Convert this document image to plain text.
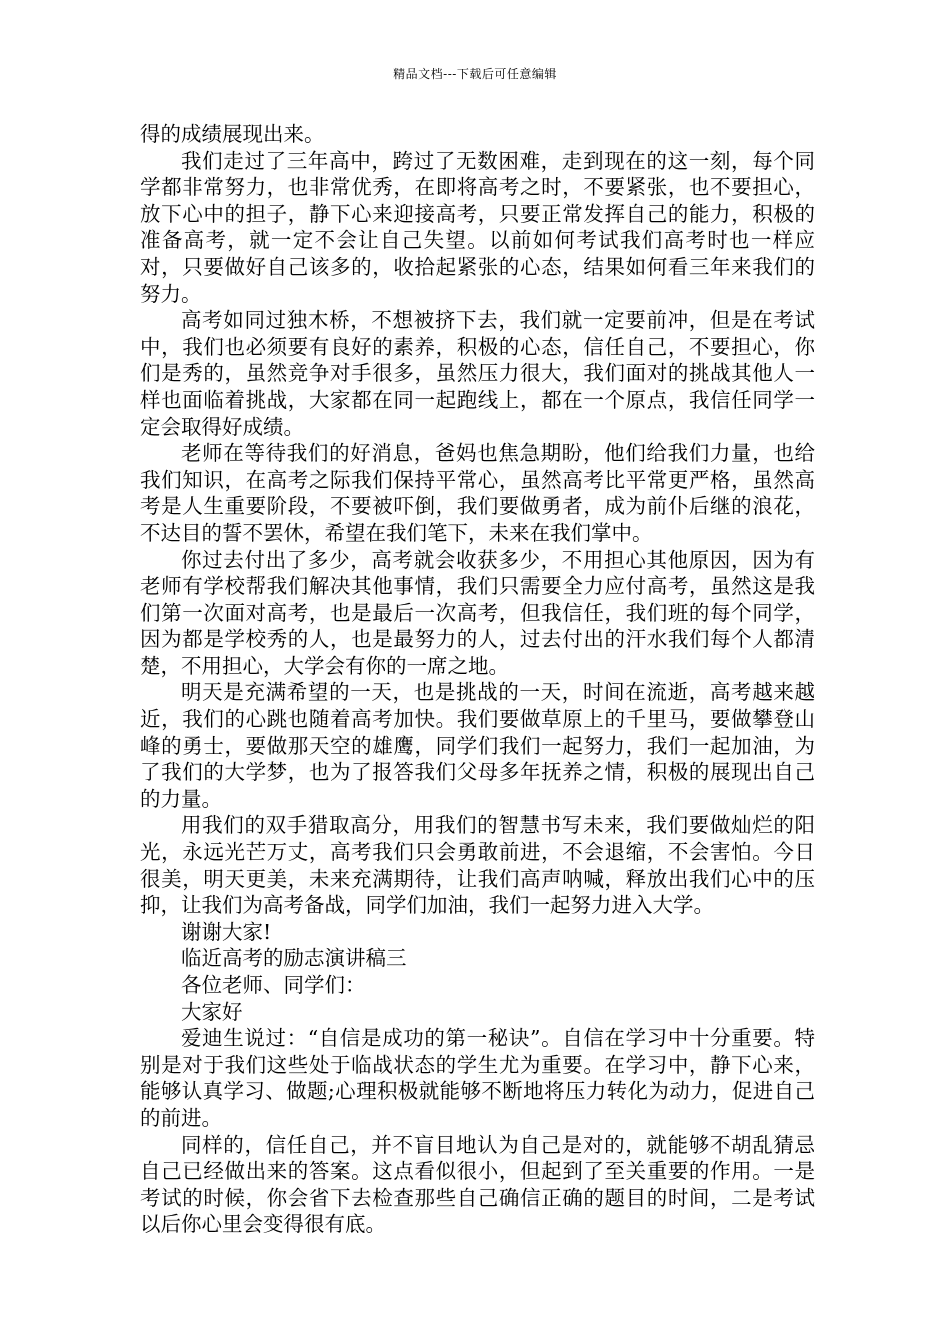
精品文档---下载后可任意编辑

得的成绩展现出来。

我们走过了三年高中，跨过了无数困难，走到现在的这一刻，每个同学都非常努力，也非常优秀，在即将高考之时，不要紧张，也不要担心，放下心中的担子，静下心来迎接高考，只要正常发挥自己的能力，积极的准备高考，就一定不会让自己失望。以前如何考试我们高考时也一样应对，只要做好自己该多的，收拾起紧张的心态，结果如何看三年来我们的努力。

高考如同过独木桥，不想被挤下去，我们就一定要前冲，但是在考试中，我们也必须要有良好的素养，积极的心态，信任自己，不要担心，你们是秀的，虽然竞争对手很多，虽然压力很大，我们面对的挑战其他人一样也面临着挑战，大家都在同一起跑线上，都在一个原点，我信任同学一定会取得好成绩。

老师在等待我们的好消息，爸妈也焦急期盼，他们给我们力量，也给我们知识，在高考之际我们保持平常心，虽然高考比平常更严格，虽然高考是人生重要阶段，不要被吓倒，我们要做勇者，成为前仆后继的浪花，不达目的誓不罢休，希望在我们笔下，未来在我们掌中。

你过去付出了多少，高考就会收获多少，不用担心其他原因，因为有老师有学校帮我们解决其他事情，我们只需要全力应付高考，虽然这是我们第一次面对高考，也是最后一次高考，但我信任，我们班的每个同学，因为都是学校秀的人，也是最努力的人，过去付出的汗水我们每个人都清楚，不用担心，大学会有你的一席之地。

明天是充满希望的一天，也是挑战的一天，时间在流逝，高考越来越近，我们的心跳也随着高考加快。我们要做草原上的千里马，要做攀登山峰的勇士，要做那天空的雄鹰，同学们我们一起努力，我们一起加油，为了我们的大学梦，也为了报答我们父母多年抚养之情，积极的展现出自己的力量。

用我们的双手猎取高分，用我们的智慧书写未来，我们要做灿烂的阳光，永远光芒万丈，高考我们只会勇敢前进，不会退缩，不会害怕。今日很美，明天更美，未来充满期待，让我们高声呐喊，释放出我们心中的压抑，让我们为高考备战，同学们加油，我们一起努力进入大学。

谢谢大家!

临近高考的励志演讲稿三

各位老师、同学们：

大家好

爱迪生说过：“自信是成功的第一秘诀”。自信在学习中十分重要。特别是对于我们这些处于临战状态的学生尤为重要。在学习中，静下心来，能够认真学习、做题;心理积极就能够不断地将压力转化为动力，促进自己的前进。

同样的，信任自己，并不盲目地认为自己是对的，就能够不胡乱猜忌自己已经做出来的答案。这点看似很小，但起到了至关重要的作用。一是考试的时候，你会省下去检查那些自己确信正确的题目的时间，二是考试以后你心里会变得很有底。
